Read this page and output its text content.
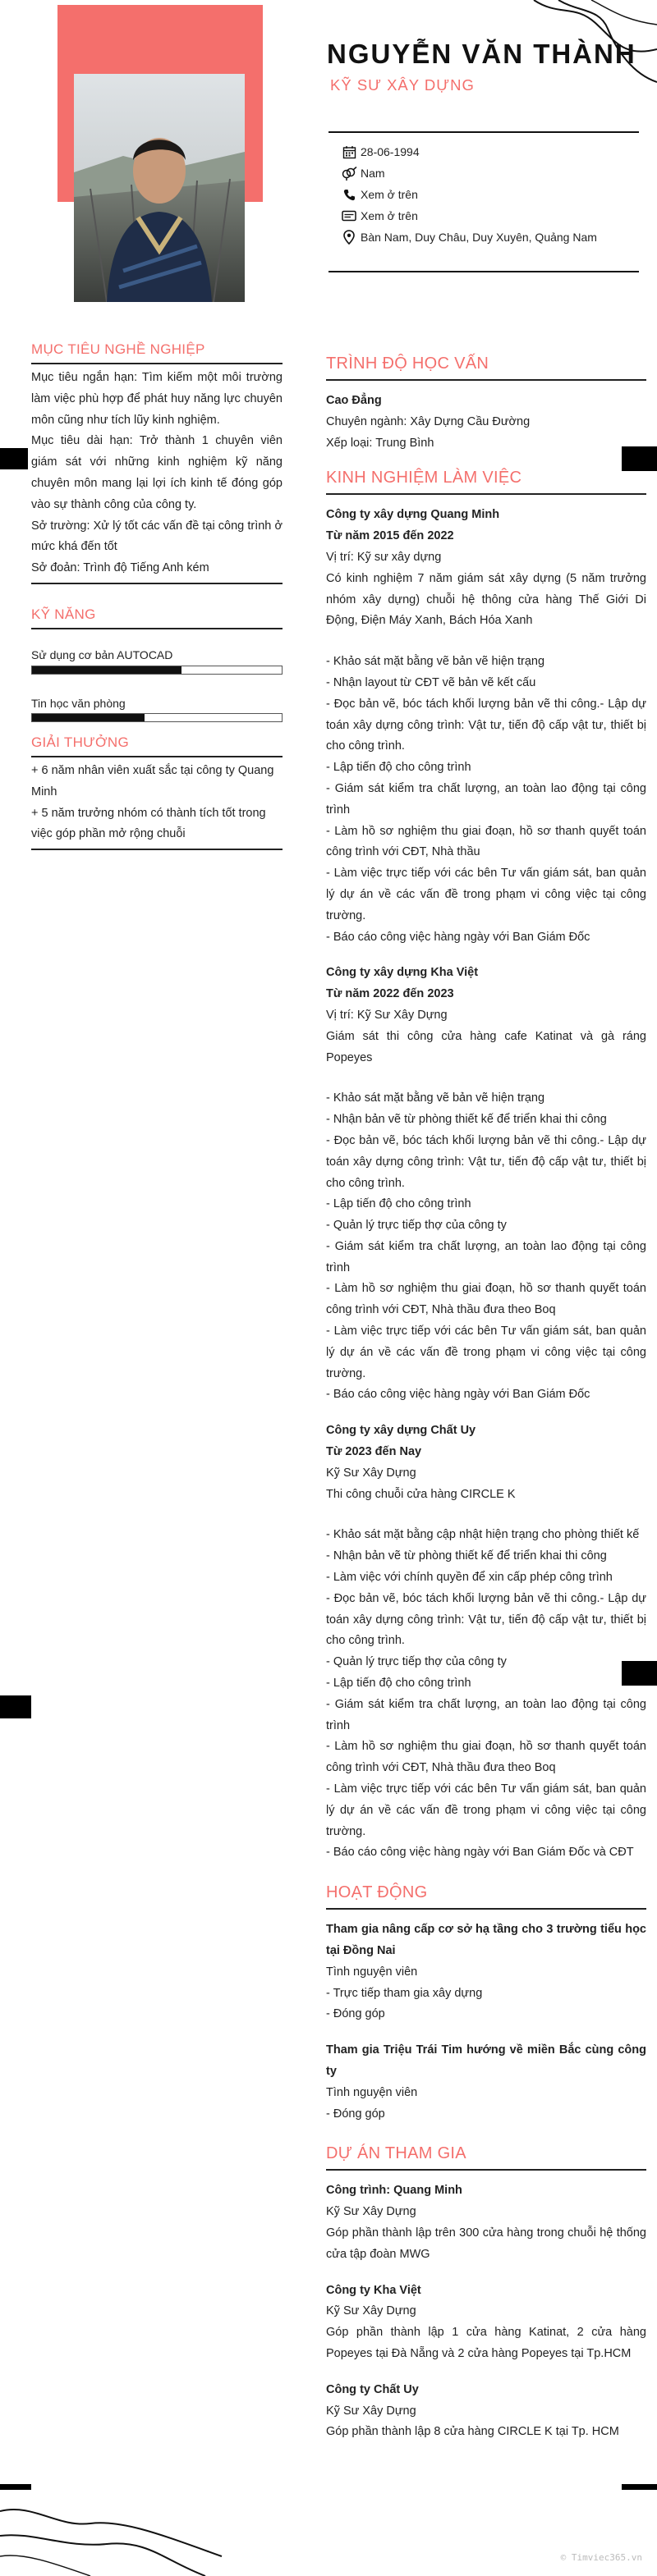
NGUYỄN VĂN THÀNH
KỸ SƯ XÂY DỰNG
28-06-1994
Nam
Xem ở trên
Xem ở trên
Bàn Nam, Duy Châu, Duy Xuyên, Quảng Nam
MỤC TIÊU NGHỀ NGHIỆP
Mục tiêu ngắn hạn: Tìm kiếm một môi trường làm việc phù hợp để phát huy năng lực chuyên môn cũng như tích lũy kinh nghiệm.
Mục tiêu dài hạn: Trở thành 1 chuyên viên giám sát với những kinh nghiệm kỹ năng chuyên môn mang lại lợi ích kinh tế đóng góp vào sự thành công của công ty.
Sở trường: Xử lý tốt các vấn đề tại công trình ở mức khá đến tốt
Sở đoản: Trình độ Tiếng Anh kém
KỸ NĂNG
Sử dụng cơ bản AUTOCAD
Tin học văn phòng
GIẢI THƯỞNG
+ 6 năm nhân viên xuất sắc tại công ty Quang Minh
+ 5 năm trưởng nhóm có thành tích tốt trong việc góp phần mở rộng chuỗi
TRÌNH ĐỘ HỌC VẤN
Cao Đẳng
Chuyên ngành: Xây Dựng Cầu Đường
Xếp loại: Trung Bình
KINH NGHIỆM LÀM VIỆC
Công ty xây dựng Quang Minh
Từ năm 2015 đến 2022
Vị trí: Kỹ sư xây dựng
Có kinh nghiệm 7 năm giám sát xây dựng (5 năm trưởng nhóm xây dựng) chuỗi hệ thông cửa hàng Thế Giới Di Động, Điện Máy Xanh, Bách Hóa Xanh
- Khảo sát mặt bằng vẽ bản vẽ hiện trạng
- Nhận layout từ CĐT vẽ bản vẽ kết cấu
- Đọc bản vẽ, bóc tách khối lượng bản vẽ thi công.- Lập dự toán xây dựng công trình: Vật tư, tiến độ cấp vật tư, thiết bị cho công trình.
- Lập tiến độ cho công trình
- Giám sát kiểm tra chất lượng, an toàn lao động tại công trình
- Làm hồ sơ nghiệm thu giai đoạn, hồ sơ thanh quyết toán công trình với CĐT, Nhà thầu
- Làm việc trực tiếp với các bên Tư vấn giám sát, ban quản lý dự án về các vấn đề trong phạm vi công việc tại công trường.
- Báo cáo công việc hàng ngày với Ban Giám Đốc
Công ty xây dựng Kha Việt
Từ năm 2022 đến 2023
Vị trí: Kỹ Sư Xây Dựng
Giám sát thi công cửa hàng cafe Katinat và gà ráng Popeyes
- Khảo sát mặt bằng vẽ bản vẽ hiện trạng
- Nhận bản vẽ từ phòng thiết kế để triển khai thi công
- Đọc bản vẽ, bóc tách khối lượng bản vẽ thi công.- Lập dự toán xây dựng công trình: Vật tư, tiến độ cấp vật tư, thiết bị cho công trình.
- Lập tiến độ cho công trình
- Quản lý trực tiếp thợ của công ty
- Giám sát kiểm tra chất lượng, an toàn lao động tại công trình
- Làm hồ sơ nghiệm thu giai đoạn, hồ sơ thanh quyết toán công trình với CĐT, Nhà thầu đưa theo Boq
- Làm việc trực tiếp với các bên Tư vấn giám sát, ban quản lý dự án về các vấn đề trong phạm vi công việc tại công trường.
- Báo cáo công việc hàng ngày với Ban Giám Đốc
Công ty xây dựng Chất Uy
Từ 2023 đến Nay
Kỹ Sư Xây Dựng
Thi công chuỗi cửa hàng CIRCLE K
- Khảo sát mặt bằng cập nhật hiện trạng cho phòng thiết kế
- Nhận bản vẽ từ phòng thiết kế để triển khai thi công
- Làm việc với chính quyền để xin cấp phép công trình
- Đọc bản vẽ, bóc tách khối lượng bản vẽ thi công.- Lập dự toán xây dựng công trình: Vật tư, tiến độ cấp vật tư, thiết bị cho công trình.
- Quản lý trực tiếp thợ của công ty
- Lập tiến độ cho công trình
- Giám sát kiểm tra chất lượng, an toàn lao động tại công trình
- Làm hồ sơ nghiệm thu giai đoạn, hồ sơ thanh quyết toán công trình với CĐT, Nhà thầu đưa theo Boq
- Làm việc trực tiếp với các bên Tư vấn giám sát, ban quản lý dự án về các vấn đề trong phạm vi công việc tại công trường.
- Báo cáo công việc hàng ngày với Ban Giám Đốc và CĐT
HOẠT ĐỘNG
Tham gia nâng cấp cơ sở hạ tầng cho 3 trường tiểu học tại Đồng Nai
Tình nguyện viên
- Trực tiếp tham gia xây dựng
- Đóng góp
Tham gia Triệu Trái Tim hướng về miền Bắc cùng công ty
Tình nguyện viên
- Đóng góp
DỰ ÁN THAM GIA
Công trình: Quang Minh
Kỹ Sư Xây Dựng
Góp phần thành lập trên 300 cửa hàng trong chuỗi hệ thống cửa tập đoàn MWG
Công ty Kha Việt
Kỹ Sư Xây Dựng
Góp phần thành lập 1 cửa hàng Katinat, 2 cửa hàng Popeyes tại Đà Nẵng và 2 cửa hàng Popeyes tại Tp.HCM
Công ty Chất Uy
Kỹ Sư Xây Dựng
Góp phần thành lập 8 cửa hàng CIRCLE K tại Tp. HCM
© Timviec365.vn
